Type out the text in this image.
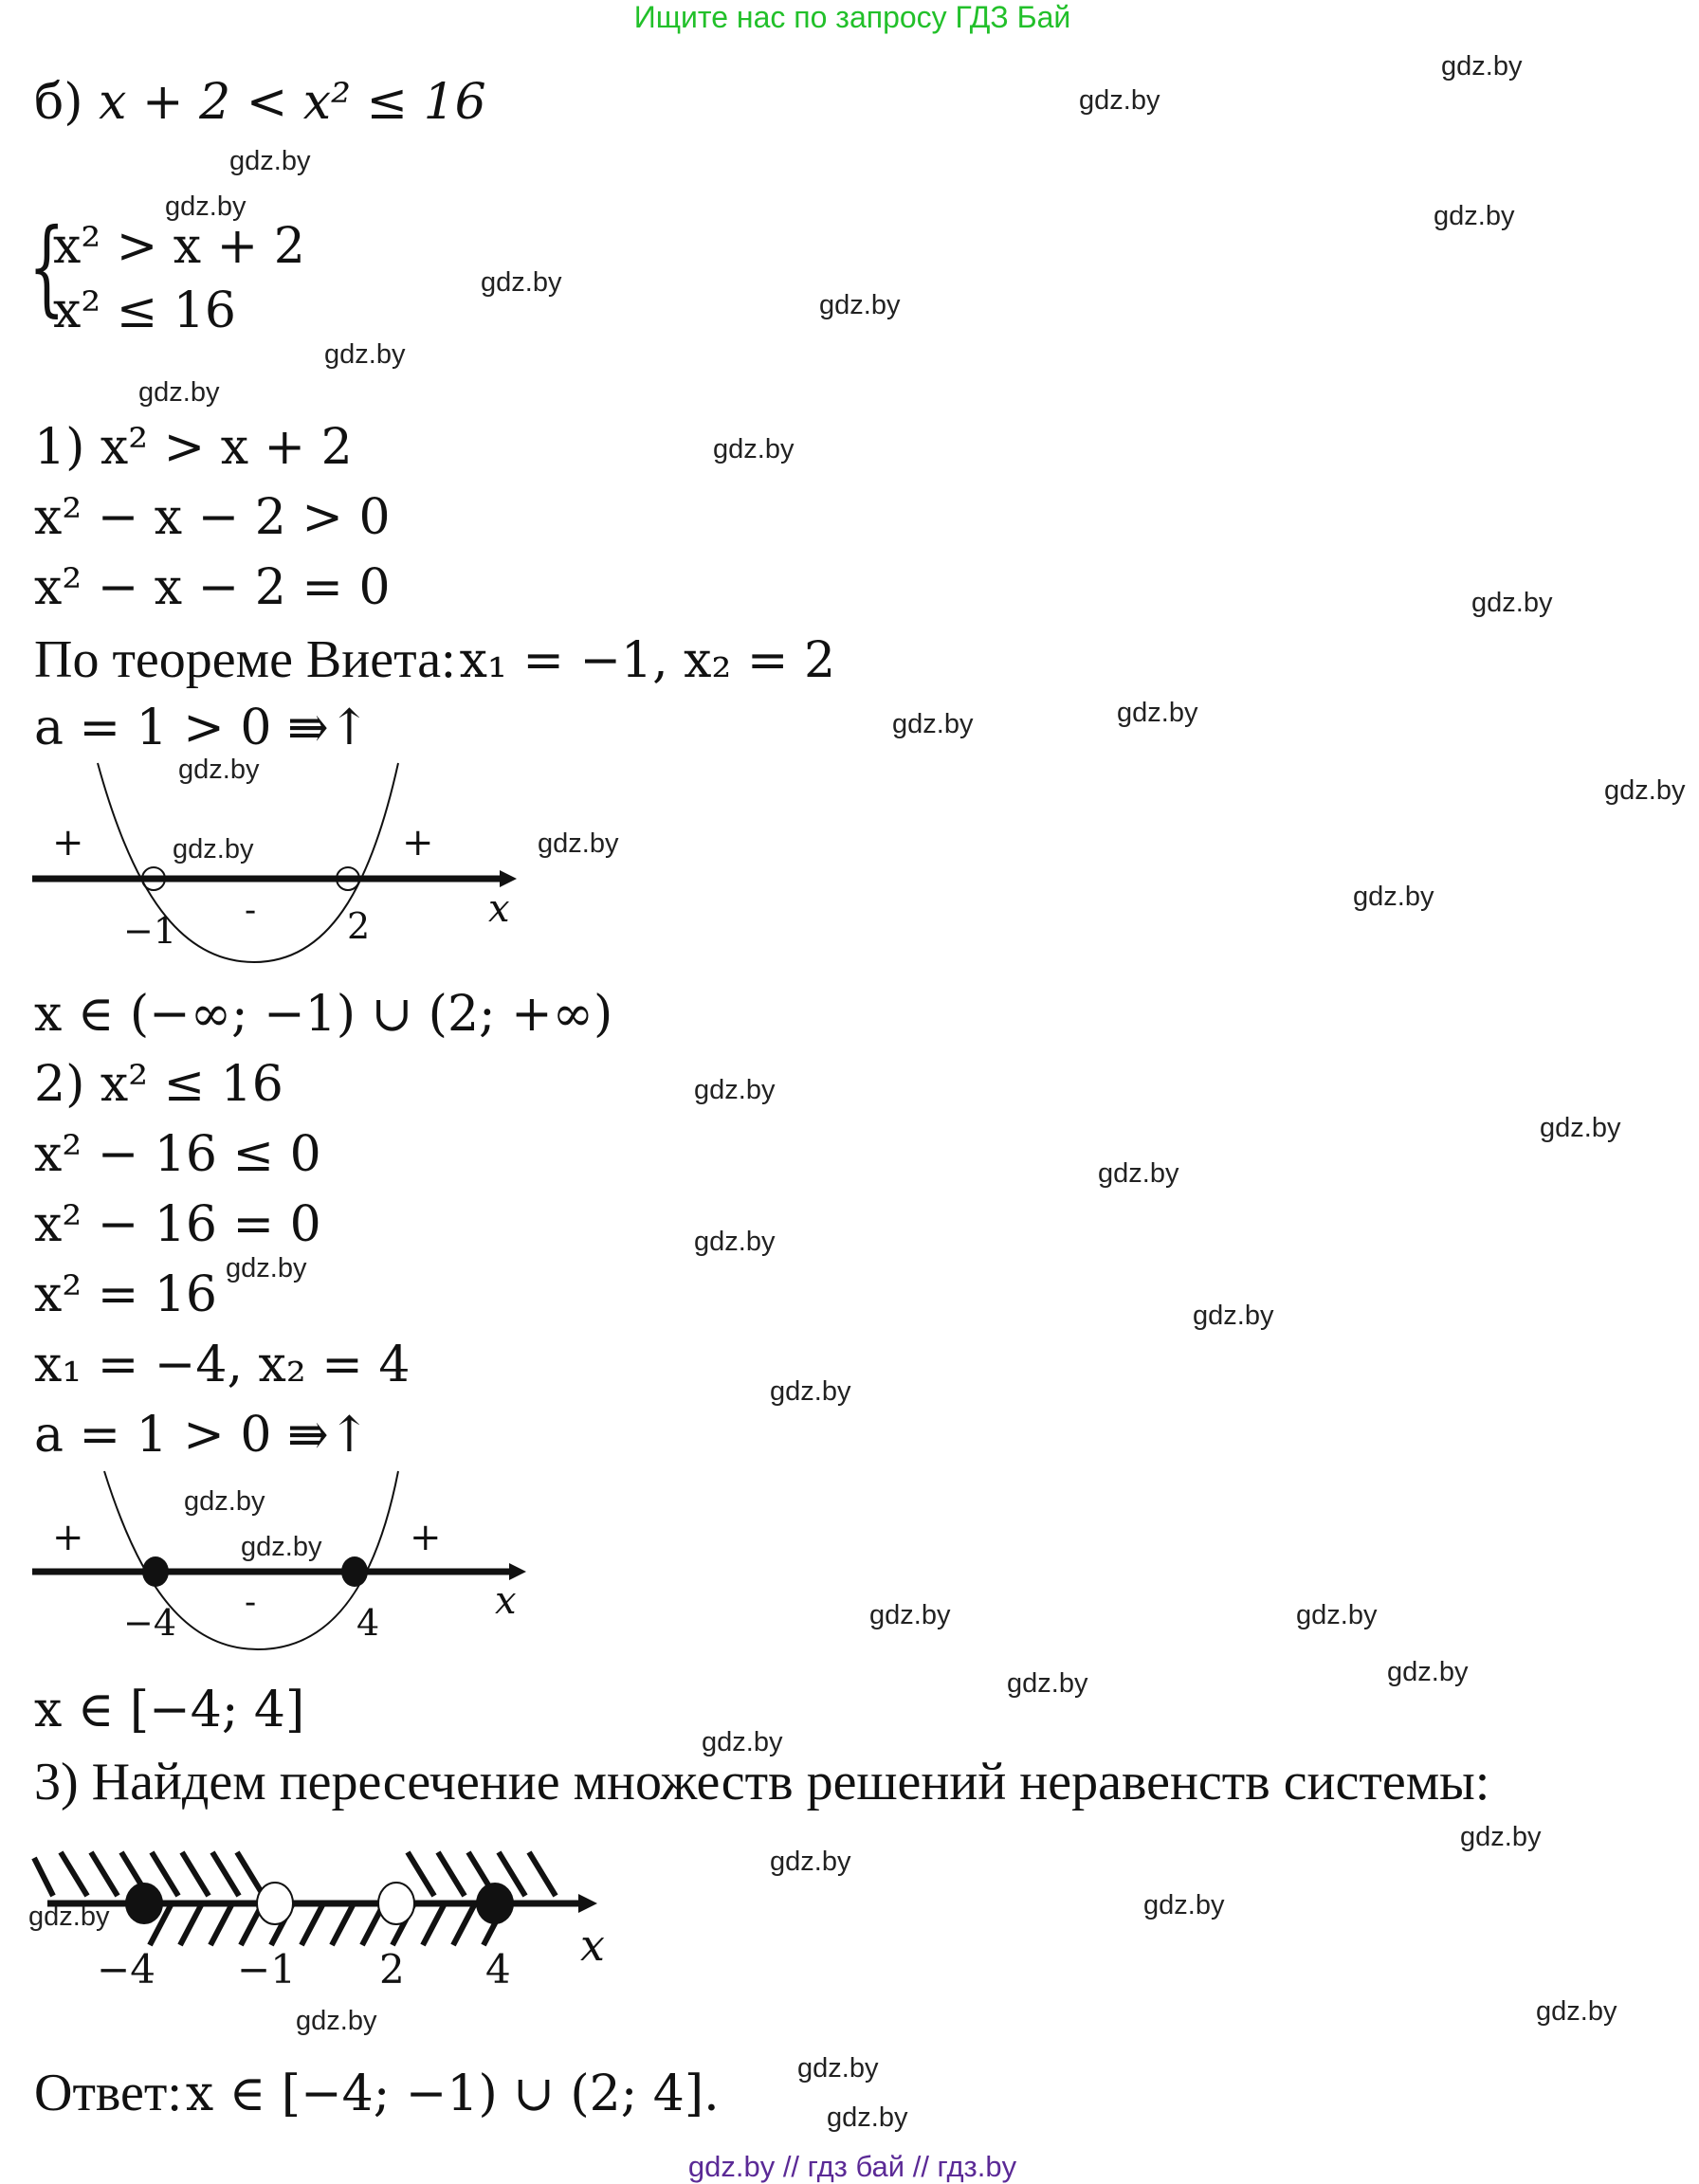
Ищите нас по запросу ГДЗ Бай
gdz.by
gdz.by
gdz.by
gdz.by	gdz.by
gdz.by
gdz.by
gdz.by
gdz.by
gdz.by
gdz.by
gdz.by	gdz.by
gdz.by
gdz.by
gdz.by	gdz.by
gdz.by
gdz.by
gdz.by
gdz.by
gdz.by
gdz.by
gdz.by
gdz.by
gdz.by
gdz.by
gdz.by	gdz.by
gdz.by
gdz.by
gdz.by
gdz.by
gdz.by
gdz.by
gdz.by
gdz.by
gdz.by
gdz.by
gdz.by
б) x + 2 < x² ≤ 16
{
x² > x + 2
x² ≤ 16
1) x² > x + 2
x² − x − 2 > 0
x² − x − 2 = 0
По теореме Виета: x₁ = −1, x₂ = 2
a = 1 > 0 ⇛↑
+
-
+
−1	2	x
x ∈ (−∞; −1) ∪ (2; +∞)
2) x² ≤ 16
x² − 16 ≤ 0
x² − 16 = 0
x² = 16
x₁ = −4, x₂ = 4
a = 1 > 0 ⇛↑
+
-
+
−4	4	x
x ∈ [−4; 4]
3) Найдем пересечение множеств решений неравенств системы:
−4 −1 2 4 x
Ответ: x ∈ [−4; −1) ∪ (2; 4].
gdz.by // гдз бай // гдз.by
